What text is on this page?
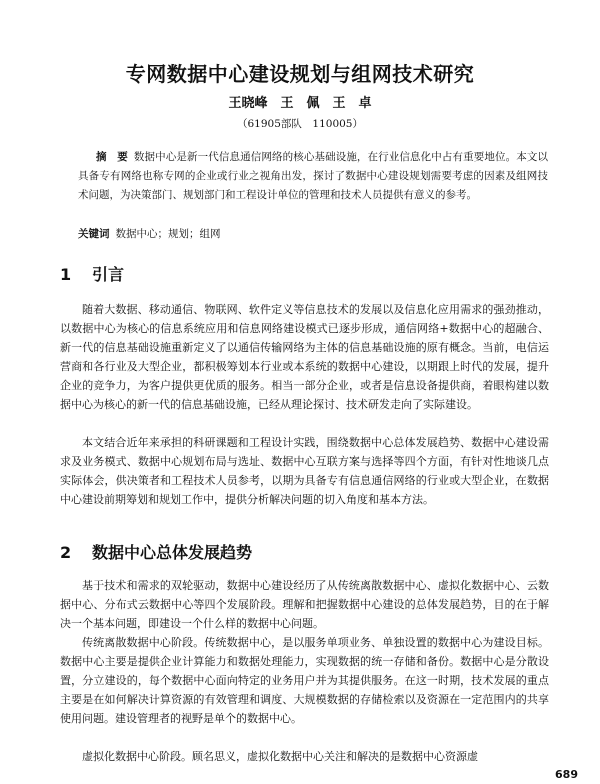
专网数据中心建设规划与组网技术研究
王晓峰　王　佩　王　卓
（61905部队　110005）
摘　要 数据中心是新一代信息通信网络的核心基础设施，在行业信息化中占有重要地位。本文以具备专有网络也称专网的企业或行业之视角出发，探讨了数据中心建设规划需要考虑的因素及组网技术问题，为决策部门、规划部门和工程设计单位的管理和技术人员提供有意义的参考。
关键词 数据中心；规划；组网
1 引言
随着大数据、移动通信、物联网、软件定义等信息技术的发展以及信息化应用需求的强劲推动，以数据中心为核心的信息系统应用和信息网络建设模式已逐步形成，通信网络+数据中心的超融合、新一代的信息基础设施重新定义了以通信传输网络为主体的信息基础设施的原有概念。当前，电信运营商和各行业及大型企业，都积极筹划本行业或本系统的数据中心建设，以期跟上时代的发展，提升企业的竞争力，为客户提供更优质的服务。相当一部分企业，或者是信息设备提供商，着眼构建以数据中心为核心的新一代的信息基础设施，已经从理论探讨、技术研发走向了实际建设。
本文结合近年来承担的科研课题和工程设计实践，围绕数据中心总体发展趋势、数据中心建设需求及业务模式、数据中心规划布局与选址、数据中心互联方案与选择等四个方面，有针对性地谈几点实际体会，供决策者和工程技术人员参考，以期为具备专有信息通信网络的行业或大型企业，在数据中心建设前期筹划和规划工作中，提供分析解决问题的切入角度和基本方法。
2 数据中心总体发展趋势
基于技术和需求的双轮驱动，数据中心建设经历了从传统离散数据中心、虚拟化数据中心、云数据中心、分布式云数据中心等四个发展阶段。理解和把握数据中心建设的总体发展趋势，目的在于解决一个基本问题，即建设一个什么样的数据中心问题。
传统离散数据中心阶段。传统数据中心，是以服务单项业务、单独设置的数据中心为建设目标。数据中心主要是提供企业计算能力和数据处理能力，实现数据的统一存储和备份。数据中心是分散设置，分立建设的，每个数据中心面向特定的业务用户并为其提供服务。在这一时期，技术发展的重点主要是在如何解决计算资源的有效管理和调度、大规模数据的存储检索以及资源在一定范围内的共享使用问题。建设管理者的视野是单个的数据中心。
虚拟化数据中心阶段。顾名思义，虚拟化数据中心关注和解决的是数据中心资源虚
689
